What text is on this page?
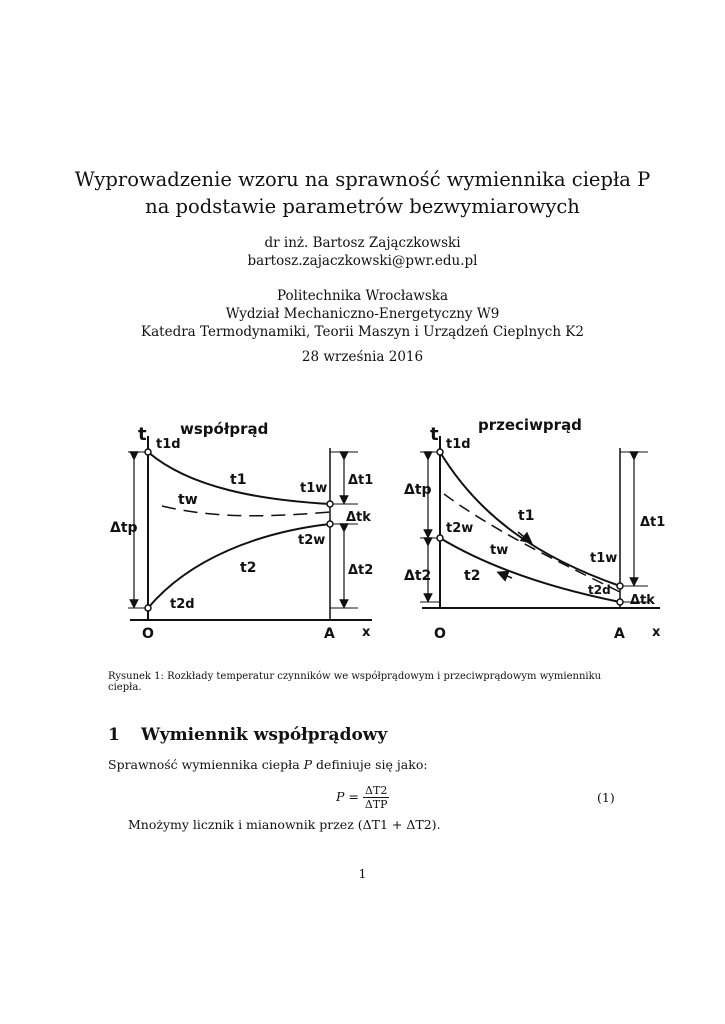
Wyprowadzenie wzoru na sprawność wymiennika ciepła P
na podstawie parametrów bezwymiarowych
dr inż. Bartosz Zajączkowski
bartosz.zajaczkowski@pwr.edu.pl
Politechnika Wrocławska
Wydział Mechaniczno-Energetyczny W9
Katedra Termodynamiki, Teorii Maszyn i Urządzeń Cieplnych K2
28 września 2016
współprąd
t t1d
t1
tw
t1w
Δtk
Δt1
Δtp
t2w
t2	Δt2
t2d
O	A x
przeciwprąd
t t1d
Δtp
t2w
tw
t1
Δt2 t2
t1w
t2d
Δt1
Δtk
O	A x
Rysunek 1: Rozkłady temperatur czynników we współprądowym i przeciwprądowym wymienniku ciepła.
1 Wymiennik współprądowy
Sprawność wymiennika ciepła P definiuje się jako:
$P = \frac{\Delta T2}{\text{ΔTP}}$	(1)
Mnożymy licznik i mianownik przez (ΔT1 + ΔT2).
1
